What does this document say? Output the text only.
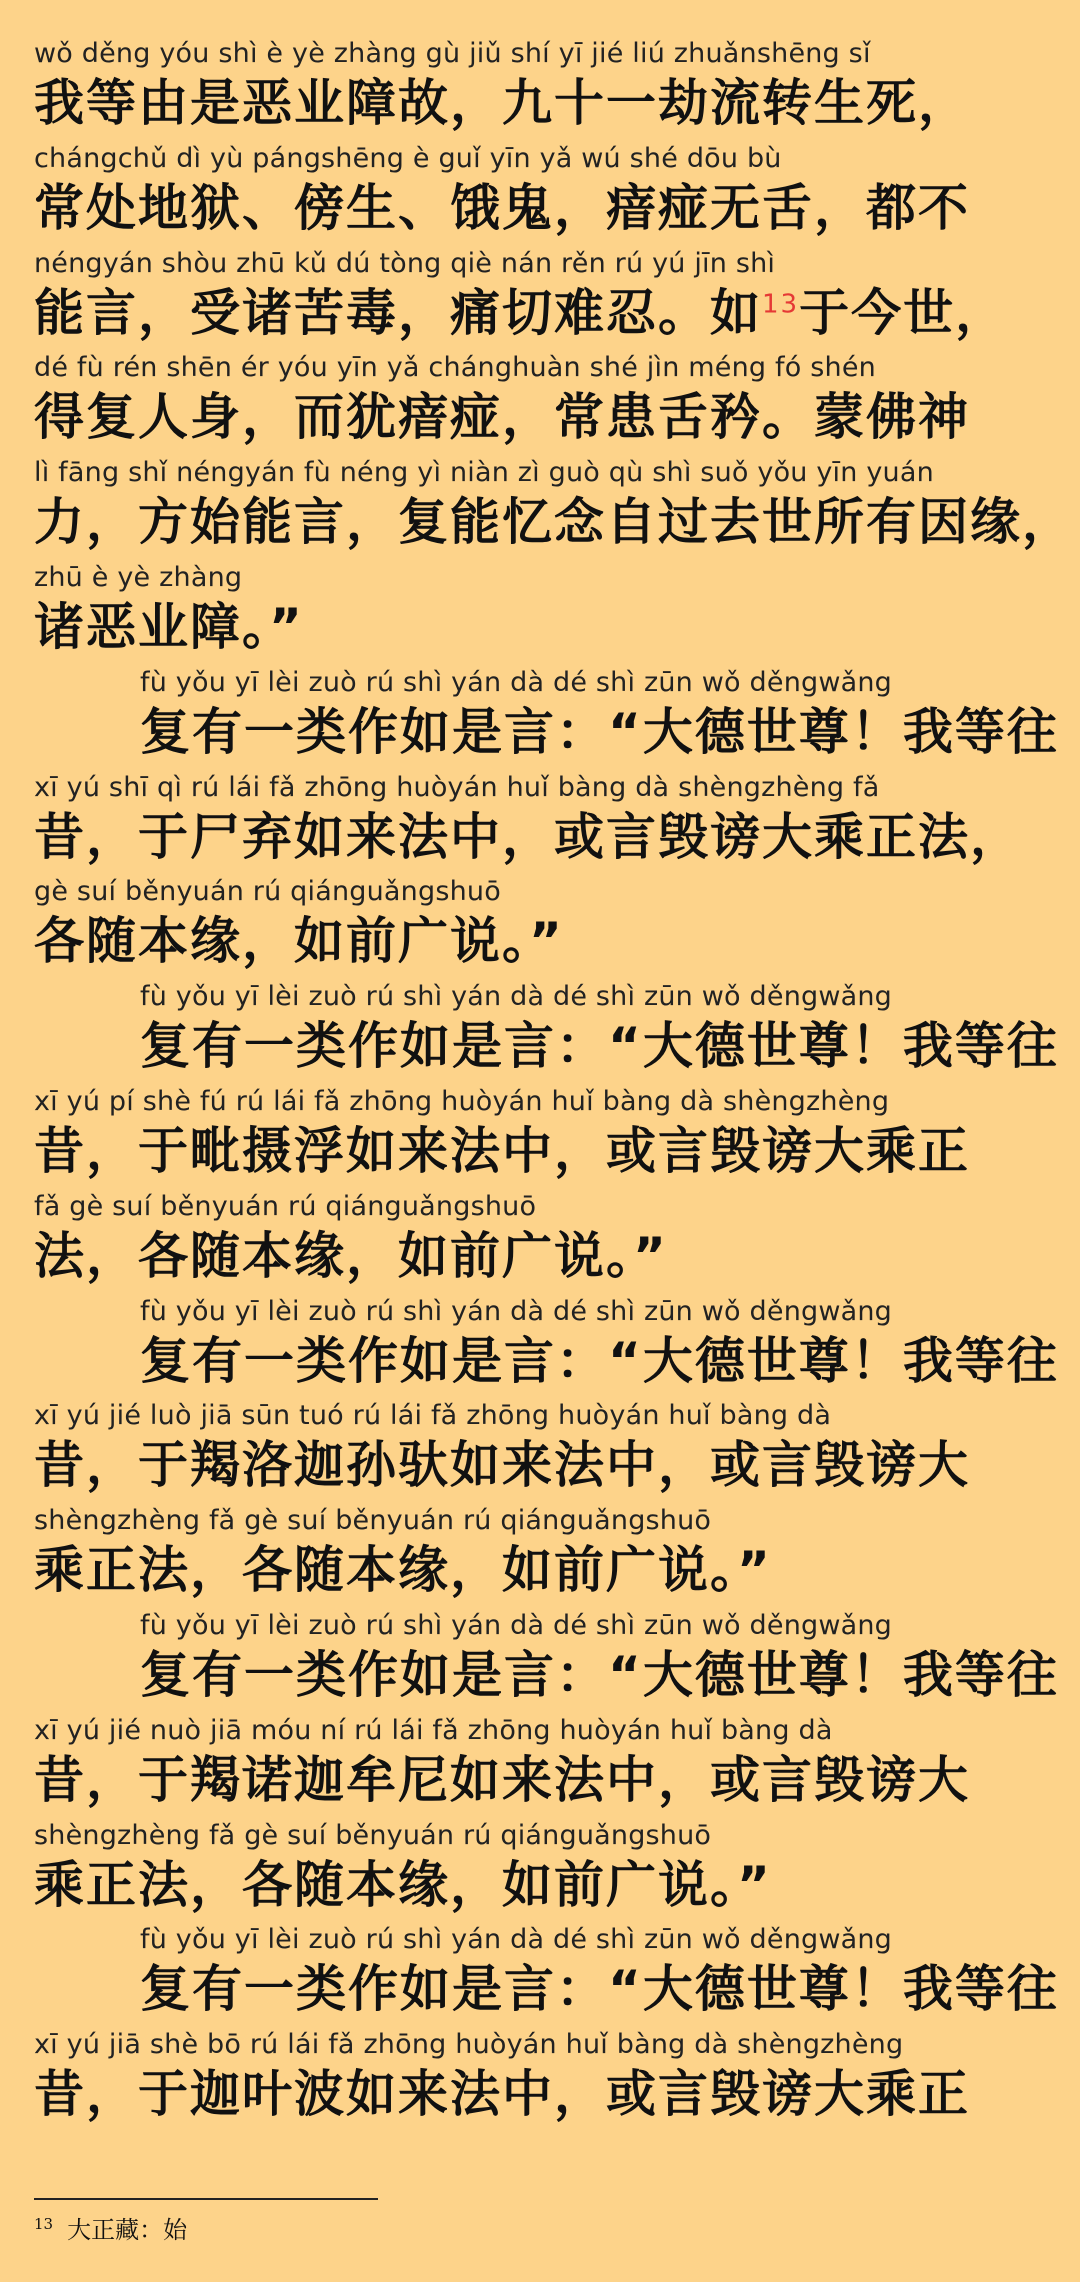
wǒ děng yóu shì è yè zhàng gù jiǔ shí yī jié liú zhuǎnshēng sǐ
我等由是恶业障故，九十一劫流转生死，
chángchǔ dì yù pángshēng è guǐ yīn yǎ wú shé dōu bù
常处地狱、傍生、饿鬼，瘖痖无舌，都不
néngyán shòu zhū kǔ dú tòng qiè nán rěn rú yú jīn shì
能言，受诸苦毒，痛切难忍。如$^{13}$于今世，
dé fù rén shēn ér yóu yīn yǎ chánghuàn shé jìn méng fó shén
得复人身，而犹瘖痖，常患舌矜。蒙佛神
lì fāng shǐ néngyán fù néng yì niàn zì guò qù shì suǒ yǒu yīn yuán
力，方始能言，复能忆念自过去世所有因缘，
zhū è yè zhàng
诸恶业障。”
fù yǒu yī lèi zuò rú shì yán dà dé shì zūn wǒ děngwǎng
复有一类作如是言：“大德世尊！我等往
xī yú shī qì rú lái fǎ zhōng huòyán huǐ bàng dà shèngzhèng fǎ
昔，于尸弃如来法中，或言毁谤大乘正法，
gè suí běnyuán rú qiánguǎngshuō
各随本缘，如前广说。”
fù yǒu yī lèi zuò rú shì yán dà dé shì zūn wǒ děngwǎng
复有一类作如是言：“大德世尊！我等往
xī yú pí shè fú rú lái fǎ zhōng huòyán huǐ bàng dà shèngzhèng
昔，于毗摄浮如来法中，或言毁谤大乘正
fǎ gè suí běnyuán rú qiánguǎngshuō
法，各随本缘，如前广说。”
fù yǒu yī lèi zuò rú shì yán dà dé shì zūn wǒ děngwǎng
复有一类作如是言：“大德世尊！我等往
xī yú jié luò jiā sūn tuó rú lái fǎ zhōng huòyán huǐ bàng dà
昔，于羯洛迦孙驮如来法中，或言毁谤大
shèngzhèng fǎ gè suí běnyuán rú qiánguǎngshuō
乘正法，各随本缘，如前广说。”
fù yǒu yī lèi zuò rú shì yán dà dé shì zūn wǒ děngwǎng
复有一类作如是言：“大德世尊！我等往
xī yú jié nuò jiā móu ní rú lái fǎ zhōng huòyán huǐ bàng dà
昔，于羯诺迦牟尼如来法中，或言毁谤大
shèngzhèng fǎ gè suí běnyuán rú qiánguǎngshuō
乘正法，各随本缘，如前广说。”
fù yǒu yī lèi zuò rú shì yán dà dé shì zūn wǒ děngwǎng
复有一类作如是言：“大德世尊！我等往
xī yú jiā shè bō rú lái fǎ zhōng huòyán huǐ bàng dà shèngzhèng
昔，于迦叶波如来法中，或言毁谤大乘正
$^{13}$ 大正藏：始
